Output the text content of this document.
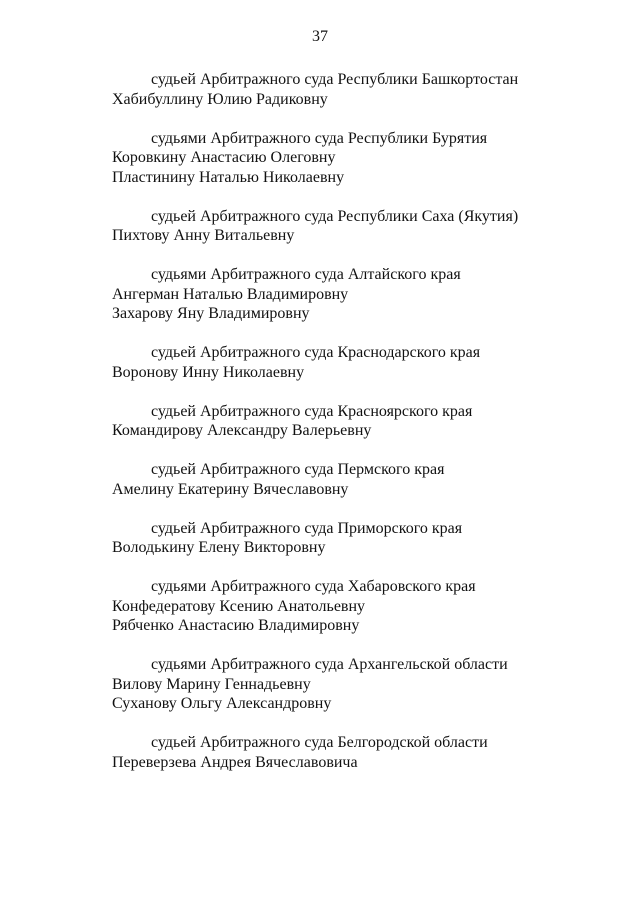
37
судьей Арбитражного суда Республики Башкортостан
Хабибуллину Юлию Радиковну
судьями Арбитражного суда Республики Бурятия
Коровкину Анастасию Олеговну
Пластинину Наталью Николаевну
судьей Арбитражного суда Республики Саха (Якутия)
Пихтову Анну Витальевну
судьями Арбитражного суда Алтайского края
Ангерман Наталью Владимировну
Захарову Яну Владимировну
судьей Арбитражного суда Краснодарского края
Воронову Инну Николаевну
судьей Арбитражного суда Красноярского края
Командирову Александру Валерьевну
судьей Арбитражного суда Пермского края
Амелину Екатерину Вячеславовну
судьей Арбитражного суда Приморского края
Володькину Елену Викторовну
судьями Арбитражного суда Хабаровского края
Конфедератову Ксению Анатольевну
Рябченко Анастасию Владимировну
судьями Арбитражного суда Архангельской области
Вилову Марину Геннадьевну
Суханову Ольгу Александровну
судьей Арбитражного суда Белгородской области
Переверзева Андрея Вячеславовича
